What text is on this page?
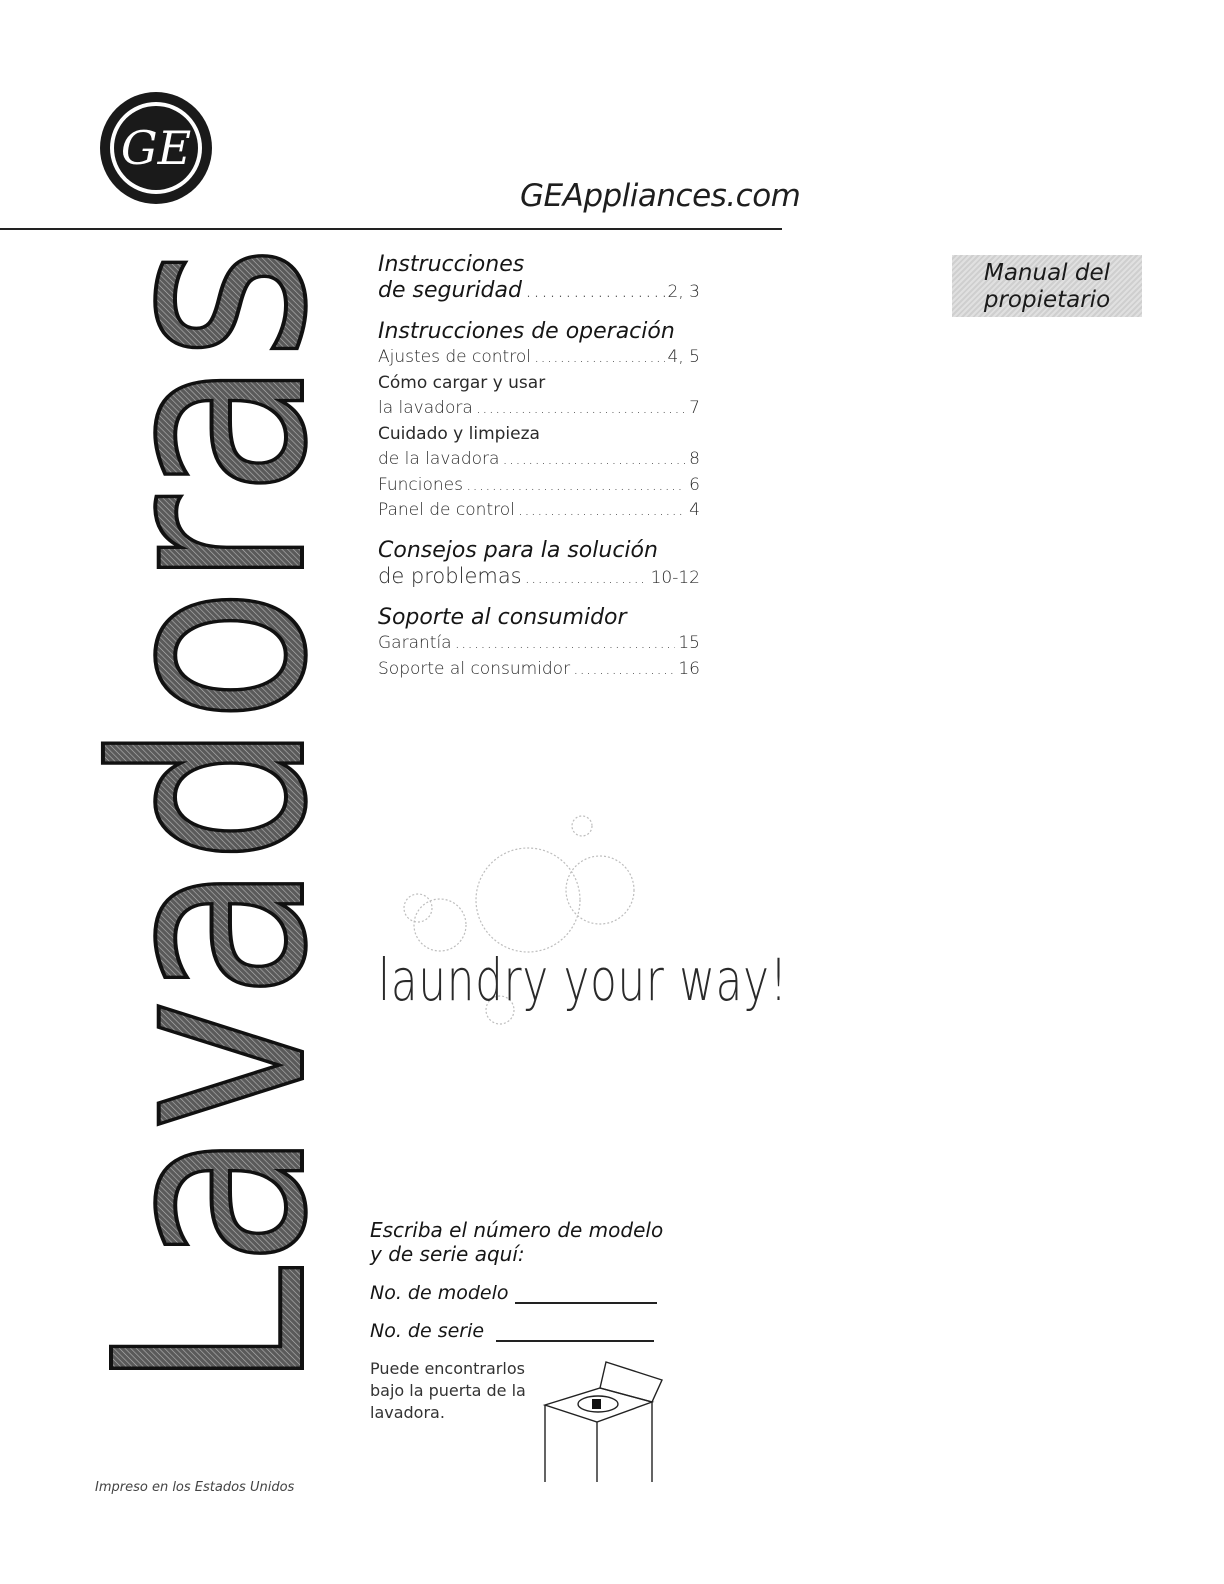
GE
GEAppliances.com
Lavador
Manual del
propietario
Instrucciones
de seguridad .....	2, 3
Instrucciones de operación
Ajustes de control .....	4, 5
Cómo cargar y usar
la lavadora .....	7
Cuidado y limpieza
de la lavadora .....	8
Funciones .....	6
Panel de control .....	4
Consejos para la solución
de problemas .....	10-12
Soporte al consumidor
Garantía .....	15
Soporte al consumidor .....	16
laundry your way!
Escriba el número de modelo
y de serie aquí:
No. de modelo
No. de serie
Puede encontrarlos bajo la puerta de la lavadora.
Impreso en los Estados Unidos
